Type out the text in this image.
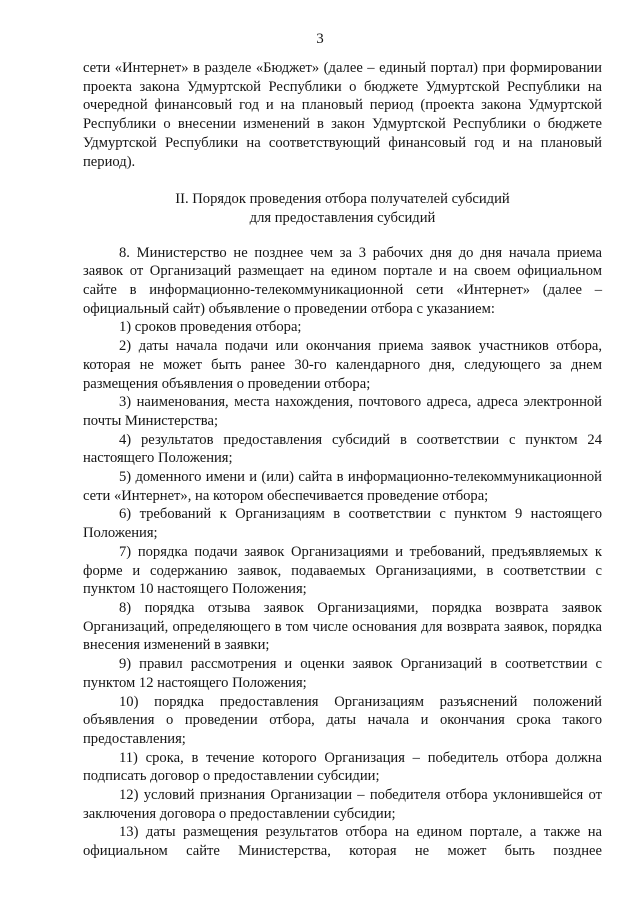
3

сети «Интернет» в разделе «Бюджет» (далее – единый портал) при формировании проекта закона Удмуртской Республики о бюджете Удмуртской Республики на очередной финансовый год и на плановый период (проекта закона Удмуртской Республики о внесении изменений в закон Удмуртской Республики о бюджете Удмуртской Республики на соответствующий финансовый год и на плановый период).

II. Порядок проведения отбора получателей субсидий
для предоставления субсидий

8. Министерство не позднее чем за 3 рабочих дня до дня начала приема заявок от Организаций размещает на едином портале и на своем официальном сайте в информационно-телекоммуникационной сети «Интернет» (далее – официальный сайт) объявление о проведении отбора с указанием:

1) сроков проведения отбора;

2) даты начала подачи или окончания приема заявок участников отбора, которая не может быть ранее 30-го календарного дня, следующего за днем размещения объявления о проведении отбора;

3) наименования, места нахождения, почтового адреса, адреса электронной почты Министерства;

4) результатов предоставления субсидий в соответствии с пунктом 24 настоящего Положения;

5) доменного имени и (или) сайта в информационно-телекоммуникационной сети «Интернет», на котором обеспечивается проведение отбора;

6) требований к Организациям в соответствии с пунктом 9 настоящего Положения;

7) порядка подачи заявок Организациями и требований, предъявляемых к форме и содержанию заявок, подаваемых Организациями, в соответствии с пунктом 10 настоящего Положения;

8) порядка отзыва заявок Организациями, порядка возврата заявок Организаций, определяющего в том числе основания для возврата заявок, порядка внесения изменений в заявки;

9) правил рассмотрения и оценки заявок Организаций в соответствии с пунктом 12 настоящего Положения;

10) порядка предоставления Организациям разъяснений положений объявления о проведении отбора, даты начала и окончания срока такого предоставления;

11) срока, в течение которого Организация – победитель отбора должна подписать договор о предоставлении субсидии;

12) условий признания Организации – победителя отбора уклонившейся от заключения договора о предоставлении субсидии;

13) даты размещения результатов отбора на едином портале, а также на официальном сайте Министерства, которая не может быть позднее
